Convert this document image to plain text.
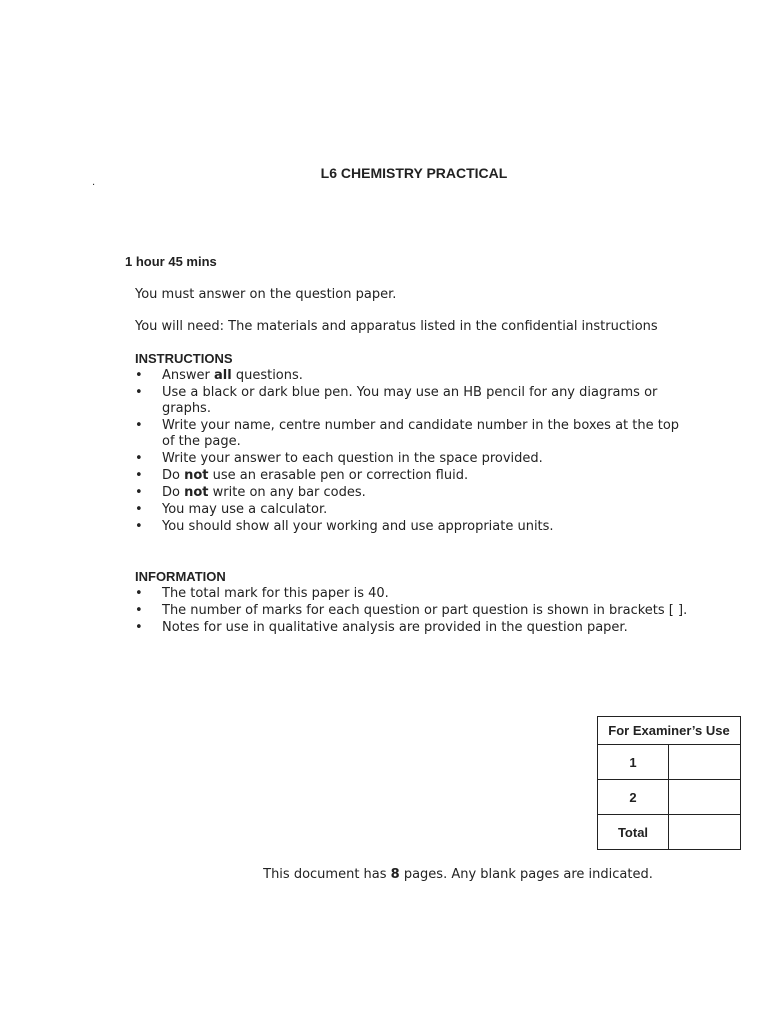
.
L6 CHEMISTRY PRACTICAL
1 hour 45 mins
You must answer on the question paper.
You will need: The materials and apparatus listed in the confidential instructions
INSTRUCTIONS
• Answer all questions.
• Use a black or dark blue pen. You may use an HB pencil for any diagrams or graphs.
• Write your name, centre number and candidate number in the boxes at the top of the page.
• Write your answer to each question in the space provided.
• Do not use an erasable pen or correction fluid.
• Do not write on any bar codes.
• You may use a calculator.
• You should show all your working and use appropriate units.
INFORMATION
• The total mark for this paper is 40.
• The number of marks for each question or part question is shown in brackets [ ].
• Notes for use in qualitative analysis are provided in the question paper.
For Examiner’s Use	
1	
2	
Total	
This document has 8 pages. Any blank pages are indicated.
